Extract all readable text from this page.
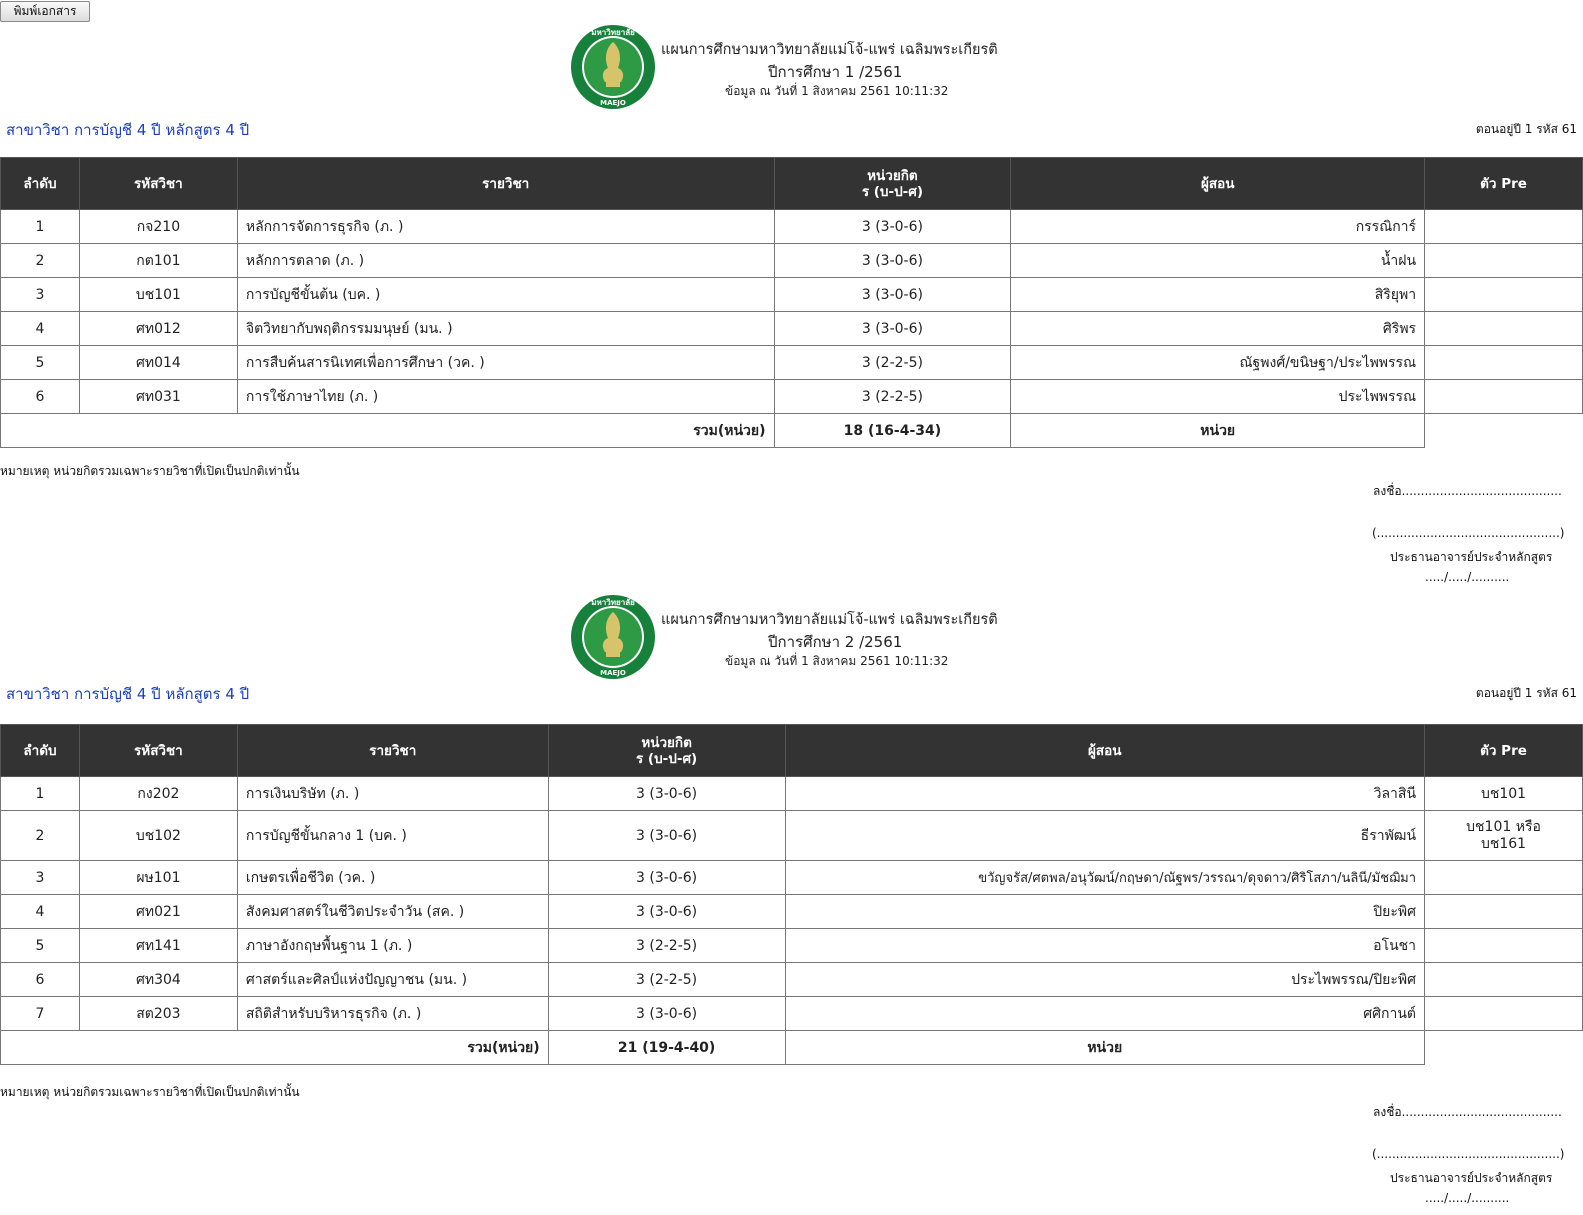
พิมพ์เอกสาร
มหาวิทยาลัย
MAEJO
แผนการศึกษามหาวิทยาลัยแม่โจ้-แพร่ เฉลิมพระเกียรติ
ปีการศึกษา 1 /2561
ข้อมูล ณ วันที่ 1 สิงหาคม 2561 10:11:32
สาขาวิชา การบัญชี 4 ปี หลักสูตร 4 ปี	ตอนอยู่ปี 1 รหัส 61
ลำดับ	รหัสวิชา	รายวิชา	หน่วยกิต
ร (บ-ป-ศ)	ผู้สอน	ตัว Pre
1	กจ210	หลักการจัดการธุรกิจ (ภ. )	3 (3-0-6)	กรรณิการ์	
2	กต101	หลักการตลาด (ภ. )	3 (3-0-6)	น้ำฝน	
3	บช101	การบัญชีขั้นต้น (บค. )	3 (3-0-6)	สิริยุพา	
4	ศท012	จิตวิทยากับพฤติกรรมมนุษย์ (มน. )	3 (3-0-6)	ศิริพร	
5	ศท014	การสืบค้นสารนิเทศเพื่อการศึกษา (วค. )	3 (2-2-5)	ณัฐพงศ์/ขนิษฐา/ประไพพรรณ	
6	ศท031	การใช้ภาษาไทย (ภ. )	3 (2-2-5)	ประไพพรรณ	
รวม(หน่วย)			18 (16-4-34)	หน่วย	
หมายเหตุ หน่วยกิตรวมเฉพาะรายวิชาที่เปิดเป็นปกติเท่านั้น
ลงชื่อ..........................................
(................................................)
ประธานอาจารย์ประจำหลักสูตร
...../...../..........
มหาวิทยาลัย
MAEJO
แผนการศึกษามหาวิทยาลัยแม่โจ้-แพร่ เฉลิมพระเกียรติ
ปีการศึกษา 2 /2561
ข้อมูล ณ วันที่ 1 สิงหาคม 2561 10:11:32
สาขาวิชา การบัญชี 4 ปี หลักสูตร 4 ปี	ตอนอยู่ปี 1 รหัส 61
ลำดับ	รหัสวิชา	รายวิชา	หน่วยกิต
ร (บ-ป-ศ)	ผู้สอน	ตัว Pre
1	กง202	การเงินบริษัท (ภ. )	3 (3-0-6)	วิลาสินี	บช101
2	บช102	การบัญชีขั้นกลาง 1 (บค. )	3 (3-0-6)	ธีราพัฒน์	บช101 หรือ บช161
3	ผษ101	เกษตรเพื่อชีวิต (วค. )	3 (3-0-6)	ขวัญจรัส/ศตพล/อนุวัฒน์/กฤษดา/ณัฐพร/วรรณา/ดุจดาว/ศิริโสภา/นลินี/มัชฌิมา	
4	ศท021	สังคมศาสตร์ในชีวิตประจำวัน (สค. )	3 (3-0-6)	ปิยะพิศ	
5	ศท141	ภาษาอังกฤษพื้นฐาน 1 (ภ. )	3 (2-2-5)	อโนชา	
6	ศท304	ศาสตร์และศิลป์แห่งปัญญาชน (มน. )	3 (2-2-5)	ประไพพรรณ/ปิยะพิศ	
7	สต203	สถิติสำหรับบริหารธุรกิจ (ภ. )	3 (3-0-6)	ศศิกานต์	
รวม(หน่วย)			21 (19-4-40)	หน่วย	
หมายเหตุ หน่วยกิตรวมเฉพาะรายวิชาที่เปิดเป็นปกติเท่านั้น
ลงชื่อ..........................................
(................................................)
ประธานอาจารย์ประจำหลักสูตร
...../...../..........
